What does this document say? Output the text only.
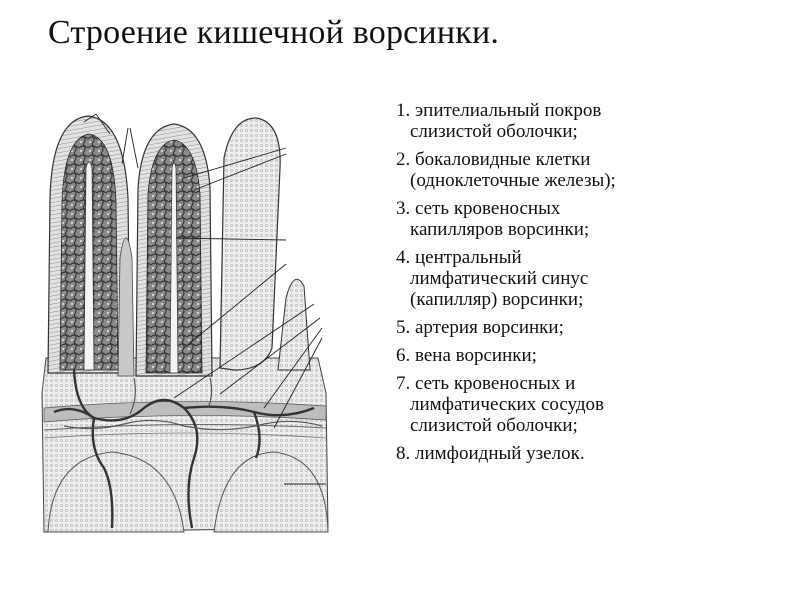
Строение кишечной ворсинки.
1. эпителиальный покров
слизистой оболочки;
2. бокаловидные клетки
(одноклеточные железы);
3. сеть кровеносных
капилляров ворсинки;
4. центральный
лимфатический синус
(капилляр) ворсинки;
5. артерия ворсинки;
6. вена ворсинки;
7. сеть кровеносных и
лимфатических сосудов
слизистой оболочки;
8. лимфоидный узелок.
